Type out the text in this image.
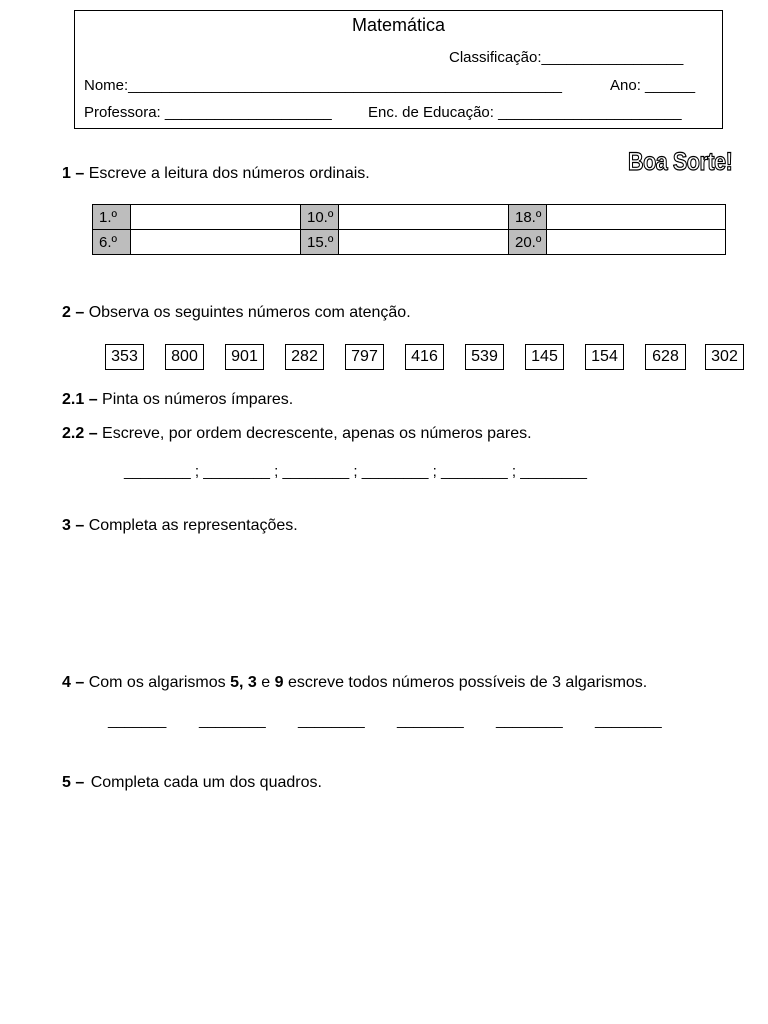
Matemática
Classificação:_________________
Nome:____________________________________________________	Ano: ______
Professora: ____________________ Enc. de Educação: ______________________
Boa Sorte!
1 – Escreve a leitura dos números ordinais.
1.º		10.º		18.º	
6.º		15.º		20.º	
2 – Observa os seguintes números com atenção.
353	800	901	282	797	416	539	145	154	628	302
2.1 – Pinta os números ímpares.
2.2 – Escreve, por ordem decrescente, apenas os números pares.
________ ; ________ ; ________ ; ________ ; ________ ; ________
3 – Completa as representações.
4 – Com os algarismos 5, 3 e 9 escreve todos números possíveis de 3 algarismos.
_______ ________ ________ ________ ________ ________
5 – Completa cada um dos quadros.
